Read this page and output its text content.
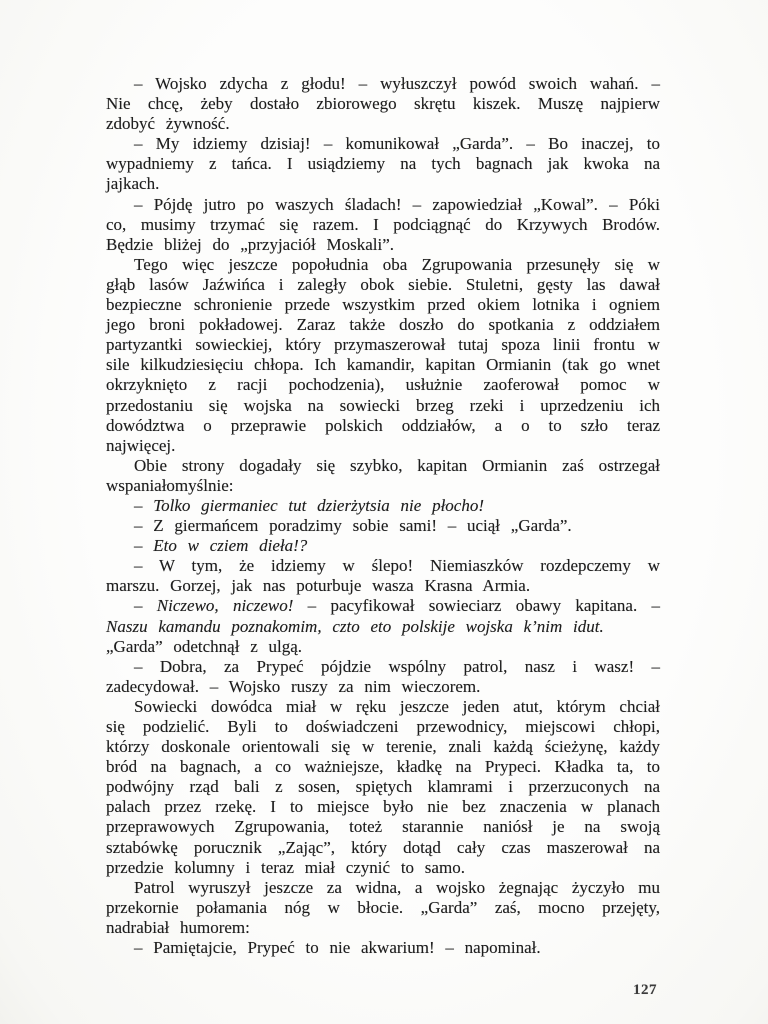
– Wojsko zdycha z głodu! – wyłuszczył powód swoich wahań. – Nie chcę, żeby dostało zbiorowego skrętu kiszek. Muszę najpierw zdobyć żywność.

– My idziemy dzisiaj! – komunikował „Garda”. – Bo inaczej, to wypadniemy z tańca. I usiądziemy na tych bagnach jak kwoka na jajkach.

– Pójdę jutro po waszych śladach! – zapowiedział „Kowal”. – Póki co, musimy trzymać się razem. I podciągnąć do Krzywych Brodów. Będzie bliżej do „przyjaciół Moskali”.

Tego więc jeszcze popołudnia oba Zgrupowania przesunęły się w głąb lasów Jaźwińca i zaległy obok siebie. Stuletni, gęsty las dawał bezpieczne schronienie przede wszystkim przed okiem lotnika i ogniem jego broni pokładowej. Zaraz także doszło do spotkania z oddziałem partyzantki sowieckiej, który przymaszerował tutaj spoza linii frontu w sile kilkudziesięciu chłopa. Ich kamandir, kapitan Ormianin (tak go wnet okrzyknięto z racji pochodzenia), usłużnie zaoferował pomoc w przedostaniu się wojska na sowiecki brzeg rzeki i uprzedzeniu ich dowództwa o przeprawie polskich oddziałów, a o to szło teraz najwięcej.

Obie strony dogadały się szybko, kapitan Ormianin zaś ostrzegał wspaniałomyślnie:

– Tolko giermaniec tut dzierżytsia nie płocho!

– Z giermańcem poradzimy sobie sami! – uciął „Garda”.

– Eto w cziem dieła!?

– W tym, że idziemy w ślepo! Niemiaszków rozdepczemy w marszu. Gorzej, jak nas poturbuje wasza Krasna Armia.

– Niczewo, niczewo! – pacyfikował sowieciarz obawy kapitana. – Naszu kamandu poznakomim, czto eto polskije wojska k’nim idut.

„Garda” odetchnął z ulgą.

– Dobra, za Prypeć pójdzie wspólny patrol, nasz i wasz! – zadecydował. – Wojsko ruszy za nim wieczorem.

Sowiecki dowódca miał w ręku jeszcze jeden atut, którym chciał się podzielić. Byli to doświadczeni przewodnicy, miejscowi chłopi, którzy doskonale orientowali się w terenie, znali każdą ścieżynę, każdy bród na bagnach, a co ważniejsze, kładkę na Prypeci. Kładka ta, to podwójny rząd bali z sosen, spiętych klamrami i przerzuconych na palach przez rzekę. I to miejsce było nie bez znaczenia w planach przeprawowych Zgrupowania, toteż starannie naniósł je na swoją sztabówkę porucznik „Zając”, który dotąd cały czas maszerował na przedzie kolumny i teraz miał czynić to samo.

Patrol wyruszył jeszcze za widna, a wojsko żegnając życzyło mu przekornie połamania nóg w błocie. „Garda” zaś, mocno przejęty, nadrabiał humorem:

– Pamiętajcie, Prypeć to nie akwarium! – napominał.

127
